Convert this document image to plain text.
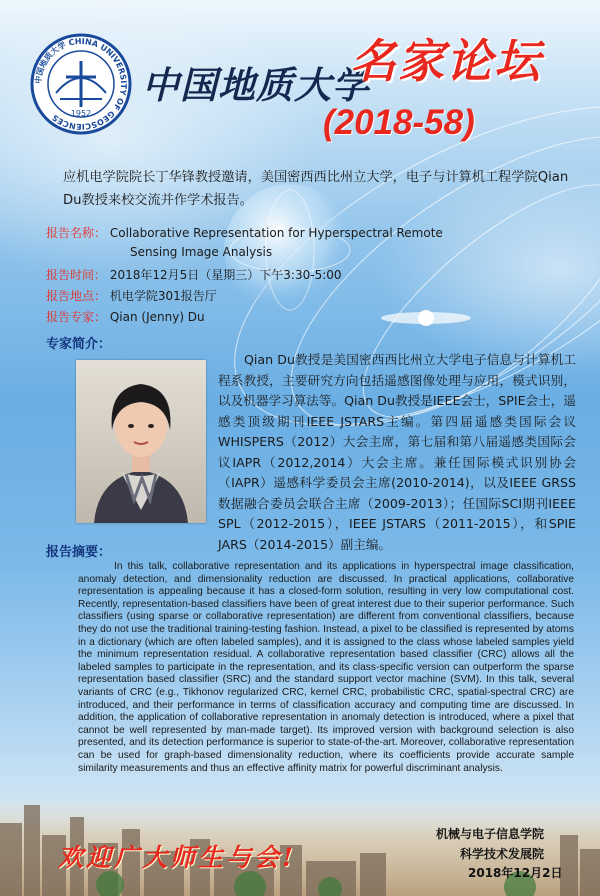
中国地质大学 CHINA UNIVERSITY OF GEOSCIENCES	1952
中国地质大学
名家论坛
(2018-58)
应机电学院院长丁华锋教授邀请，美国密西西比州立大学，电子与计算机工程学院Qian Du教授来校交流并作学术报告。
报告名称： Collaborative Representation for Hyperspectral Remote
Sensing Image Analysis
报告时间： 2018年12月5日（星期三）下午3:30-5:00
报告地点： 机电学院301报告厅
报告专家： Qian (Jenny) Du
专家简介：
Qian Du教授是美国密西西比州立大学电子信息与计算机工程系教授，主要研究方向包括遥感图像处理与应用，模式识别，以及机器学习算法等。Qian Du教授是IEEE会士，SPIE会士，遥感类顶级期刊IEEE JSTARS主编。第四届遥感类国际会议WHISPERS（2012）大会主席，第七届和第八届遥感类国际会议IAPR（2012,2014）大会主席。兼任国际模式识别协会（IAPR）遥感科学委员会主席(2010-2014)，以及IEEE GRSS数据融合委员会联合主席（2009-2013）；任国际SCI期刊IEEE SPL（2012-2015），IEEE JSTARS（2011-2015），和SPIE JARS（2014-2015）副主编。
报告摘要：
In this talk, collaborative representation and its applications in hyperspectral image classification, anomaly detection, and dimensionality reduction are discussed. In practical applications, collaborative representation is appealing because it has a closed-form solution, resulting in very low computational cost. Recently, representation-based classifiers have been of great interest due to their superior performance. Such classifiers (using sparse or collaborative representation) are different from conventional classifiers, because they do not use the traditional training-testing fashion. Instead, a pixel to be classified is represented by atoms in a dictionary (which are often labeled samples), and it is assigned to the class whose labeled samples yield the minimum representation residual. A collaborative representation based classifier (CRC) allows all the labeled samples to participate in the representation, and its class-specific version can outperform the sparse representation based classifier (SRC) and the standard support vector machine (SVM). In this talk, several variants of CRC (e.g., Tikhonov regularized CRC, kernel CRC, probabilistic CRC, spatial-spectral CRC) are introduced, and their performance in terms of classification accuracy and computing time are discussed. In addition, the application of collaborative representation in anomaly detection is introduced, where a pixel that cannot be well represented by man-made target). Its improved version with background selection is also presented, and its detection performance is superior to state-of-the-art. Moreover, collaborative representation can be used for graph-based dimensionality reduction, where its coefficients provide accurate sample similarity measurements and thus an effective affinity matrix for powerful discriminant analysis.
欢迎广大师生与会!
机械与电子信息学院
科学技术发展院
2018年12月2日
